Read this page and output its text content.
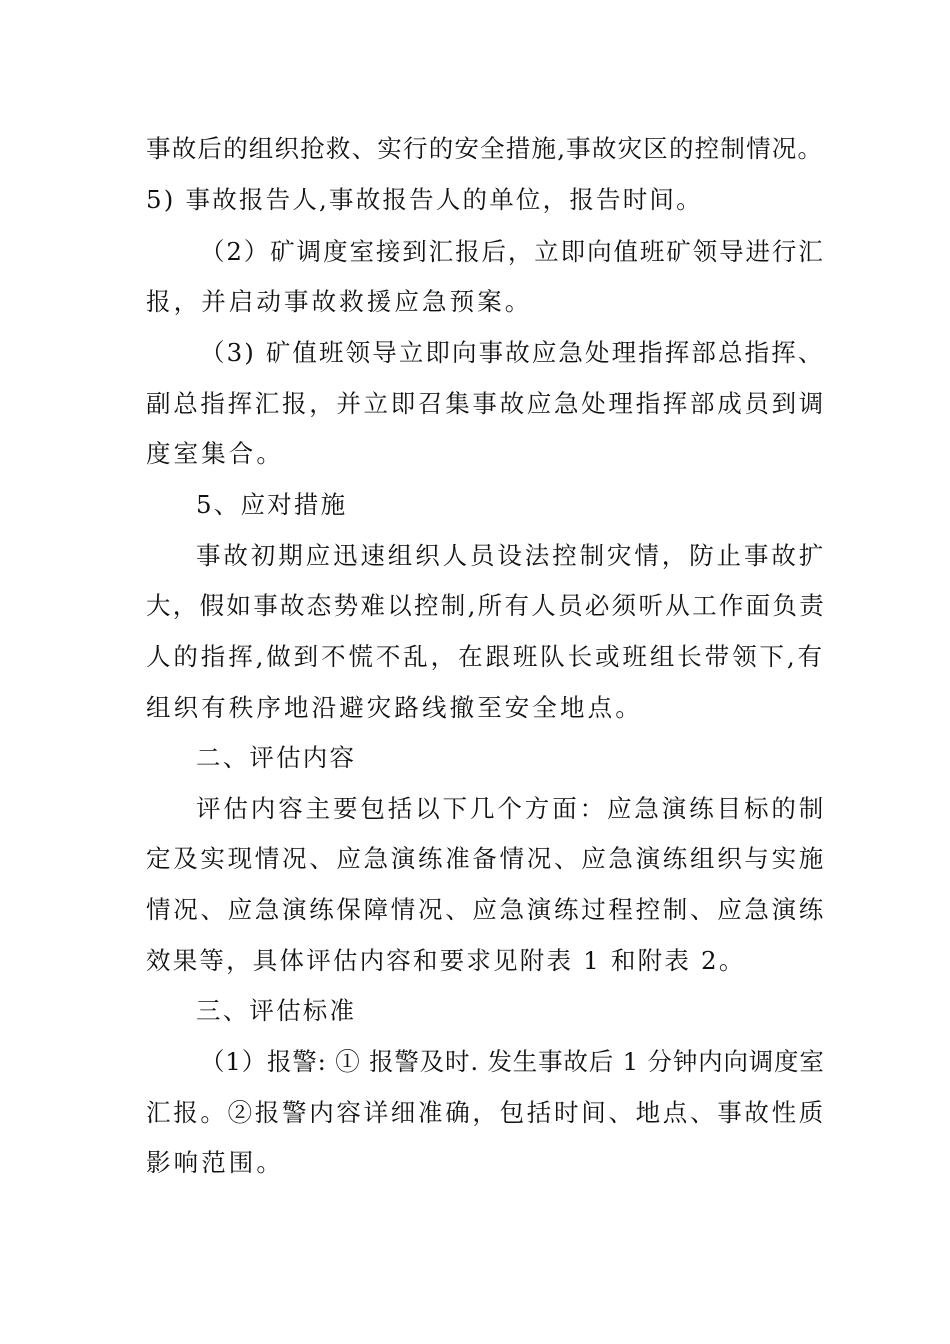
事故后的组织抢救、实行的安全措施,事故灾区的控制情况。
5) 事故报告人,事故报告人的单位，报告时间。
（2）矿调度室接到汇报后，立即向值班矿领导进行汇
报，并启动事故救援应急预案。
（3) 矿值班领导立即向事故应急处理指挥部总指挥、
副总指挥汇报，并立即召集事故应急处理指挥部成员到调
度室集合。
5、应对措施
事故初期应迅速组织人员设法控制灾情，防止事故扩
大，假如事故态势难以控制,所有人员必须听从工作面负责
人的指挥,做到不慌不乱，在跟班队长或班组长带领下,有
组织有秩序地沿避灾路线撤至安全地点。
二、评估内容
评估内容主要包括以下几个方面：应急演练目标的制
定及实现情况、应急演练准备情况、应急演练组织与实施
情况、应急演练保障情况、应急演练过程控制、应急演练
效果等，具体评估内容和要求见附表 1 和附表 2。
三、评估标准
（1）报警: ① 报警及时. 发生事故后 1 分钟内向调度室
汇报。②报警内容详细准确，包括时间、地点、事故性质
影响范围。
